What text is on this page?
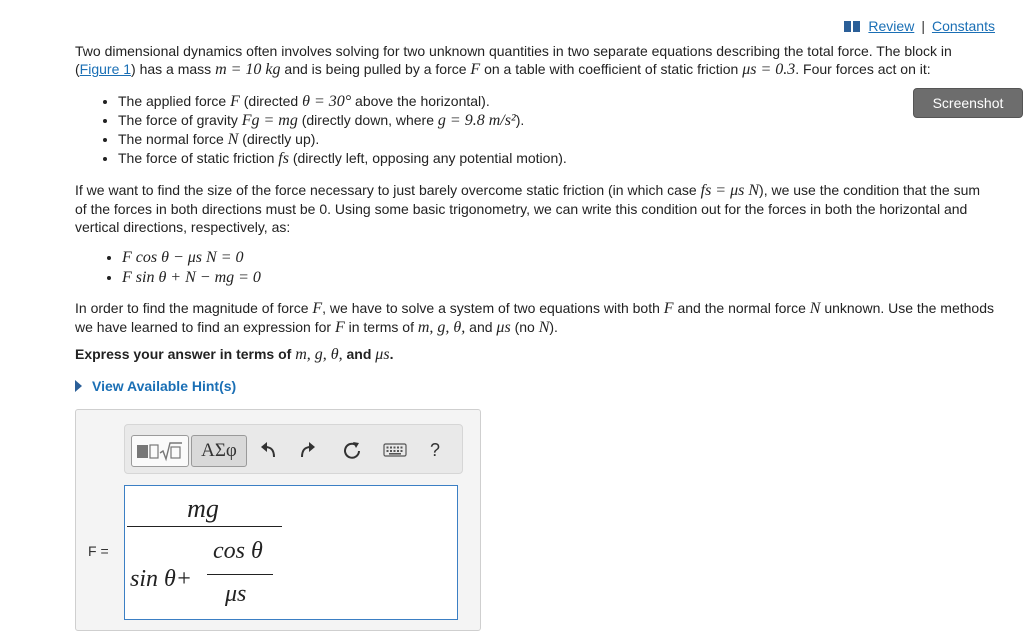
Review | Constants
Two dimensional dynamics often involves solving for two unknown quantities in two separate equations describing the total force. The block in (Figure 1) has a mass m = 10 kg and is being pulled by a force F on a table with coefficient of static friction μs = 0.3. Four forces act on it:
Screenshot
• The applied force F (directed θ = 30° above the horizontal).
• The force of gravity Fg = mg (directly down, where g = 9.8 m/s²).
• The normal force N (directly up).
• The force of static friction fs (directly left, opposing any potential motion).
If we want to find the size of the force necessary to just barely overcome static friction (in which case fs = μs N), we use the condition that the sum of the forces in both directions must be 0. Using some basic trigonometry, we can write this condition out for the forces in both the horizontal and vertical directions, respectively, as:
• F cos θ − μs N = 0
• F sin θ + N − mg = 0
In order to find the magnitude of force F, we have to solve a system of two equations with both F and the normal force N unknown. Use the methods we have learned to find an expression for F in terms of m, g, θ, and μs (no N).
Express your answer in terms of m, g, θ, and μs.
View Available Hint(s)
ΑΣφ	?
F =
mg
sin θ+
cos θ
μs
